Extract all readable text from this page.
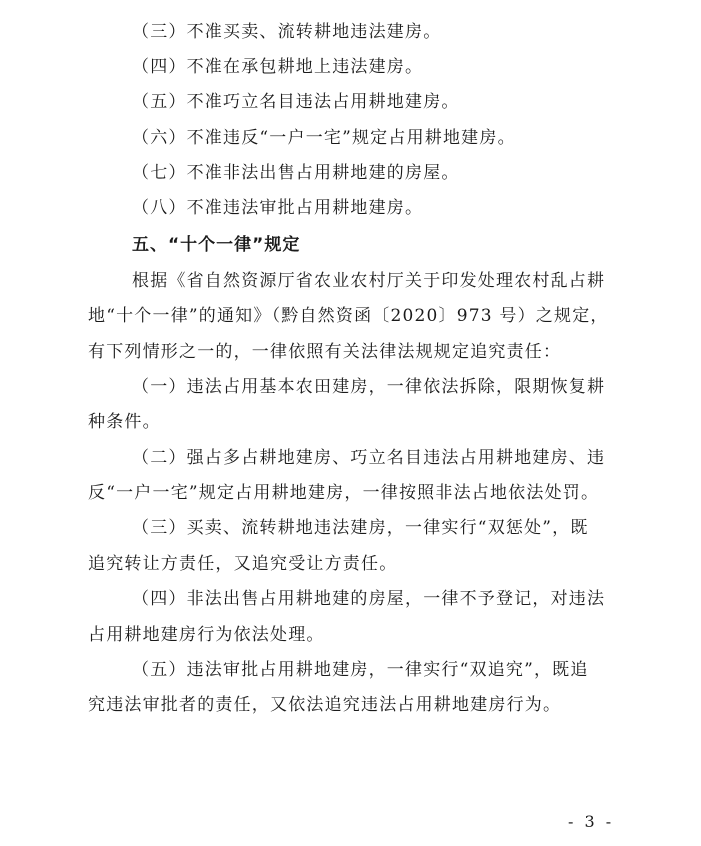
（三）不准买卖、流转耕地违法建房。
（四）不准在承包耕地上违法建房。
（五）不准巧立名目违法占用耕地建房。
（六）不准违反“一户一宅”规定占用耕地建房。
（七）不准非法出售占用耕地建的房屋。
（八）不准违法审批占用耕地建房。
五、“十个一律”规定
根据《省自然资源厅省农业农村厅关于印发处理农村乱占耕
地“十个一律”的通知》（黔自然资函〔2020〕973 号）之规定，
有下列情形之一的，一律依照有关法律法规规定追究责任：
（一）违法占用基本农田建房，一律依法拆除，限期恢复耕
种条件。
（二）强占多占耕地建房、巧立名目违法占用耕地建房、违
反“一户一宅”规定占用耕地建房，一律按照非法占地依法处罚。
（三）买卖、流转耕地违法建房，一律实行“双惩处”，既
追究转让方责任，又追究受让方责任。
（四）非法出售占用耕地建的房屋，一律不予登记，对违法
占用耕地建房行为依法处理。
（五）违法审批占用耕地建房，一律实行“双追究”，既追
究违法审批者的责任，又依法追究违法占用耕地建房行为。
- 3 -
